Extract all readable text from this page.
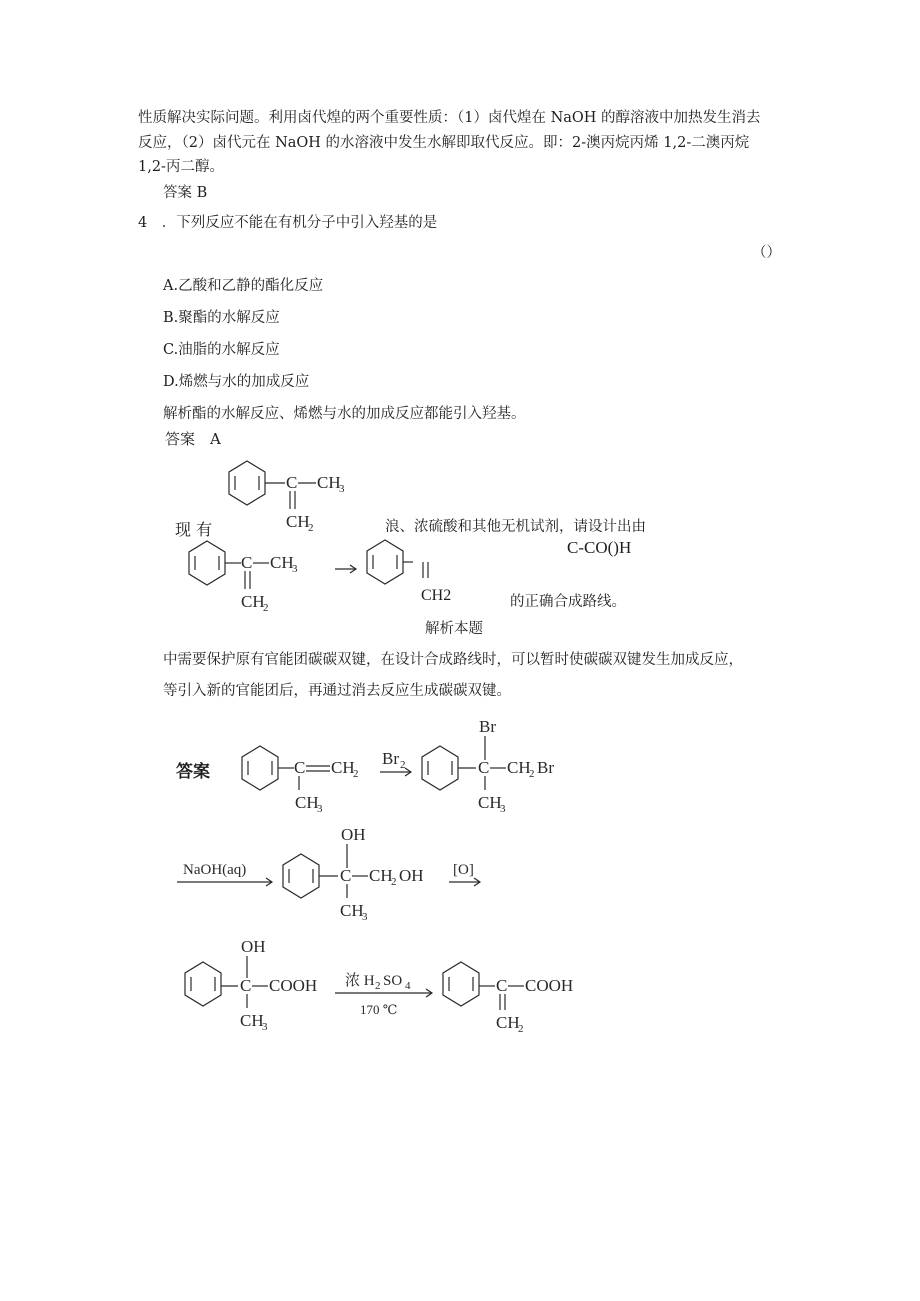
性质解决实际问题。利用卤代煌的两个重要性质：（1）卤代煌在 NaOH 的醇溶液中加热发生消去
反应，（2）卤代元在 NaOH 的水溶液中发生水解即取代反应。即：2-澳丙烷丙烯 1,2-二澳丙烷
1,2-丙二醇。
答案 B
4　．下列反应不能在有机分子中引入羟基的是
（）
A.乙酸和乙静的酯化反应
B.聚酯的水解反应
C.油脂的水解反应
D.烯燃与水的加成反应
解析酯的水解反应、烯燃与水的加成反应都能引入羟基。
答案　A
现 有	浪、浓硫酸和其他无机试剂，请设计出由
C-CO()H
CH2	的正确合成路线。
解析本题
中需要保护原有官能团碳碳双键，在设计合成路线时，可以暂时使碳碳双键发生加成反应，
等引入新的官能团后，再通过消去反应生成碳碳双键。
答案
C CH
3
CH
2
C CH
3
CH
2
C CH
2
CH
3
Br 2
Br
C CH
2 Br
CH
3
NaOH(aq)
OH
C CH
2 OH
CH
3
[O]
OH
C COOH
CH
3
浓 H 2 SO 4
170 ℃
C COOH
CH
2
